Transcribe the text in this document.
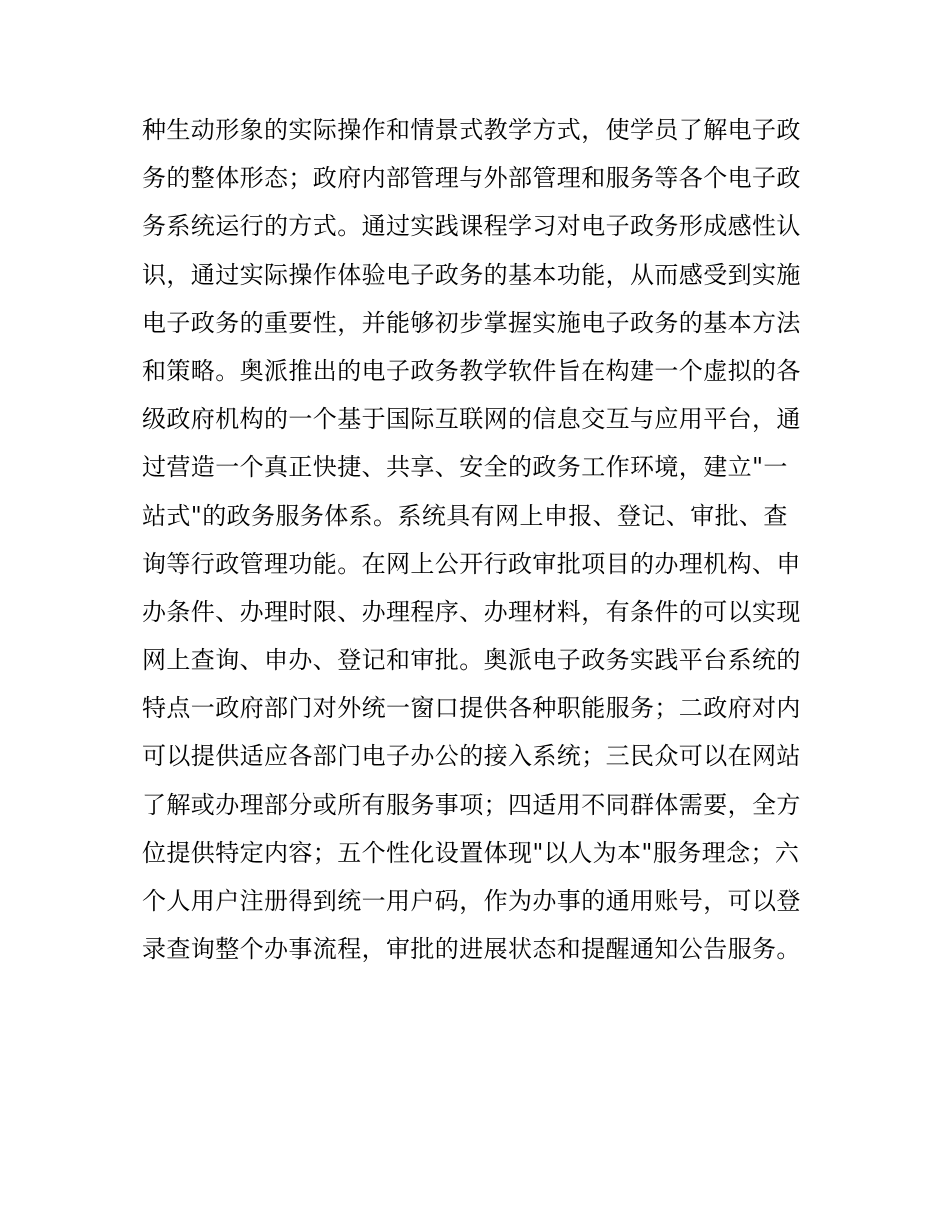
种生动形象的实际操作和情景式教学方式，使学员了解电子政
务的整体形态；政府内部管理与外部管理和服务等各个电子政
务系统运行的方式。通过实践课程学习对电子政务形成感性认
识，通过实际操作体验电子政务的基本功能，从而感受到实施
电子政务的重要性，并能够初步掌握实施电子政务的基本方法
和策略。奥派推出的电子政务教学软件旨在构建一个虚拟的各
级政府机构的一个基于国际互联网的信息交互与应用平台，通
过营造一个真正快捷、共享、安全的政务工作环境，建立"一
站式"的政务服务体系。系统具有网上申报、登记、审批、查
询等行政管理功能。在网上公开行政审批项目的办理机构、申
办条件、办理时限、办理程序、办理材料，有条件的可以实现
网上查询、申办、登记和审批。奥派电子政务实践平台系统的
特点一政府部门对外统一窗口提供各种职能服务；二政府对内
可以提供适应各部门电子办公的接入系统；三民众可以在网站
了解或办理部分或所有服务事项；四适用不同群体需要，全方
位提供特定内容；五个性化设置体现"以人为本"服务理念；六
个人用户注册得到统一用户码，作为办事的通用账号，可以登
录查询整个办事流程，审批的进展状态和提醒通知公告服务。
